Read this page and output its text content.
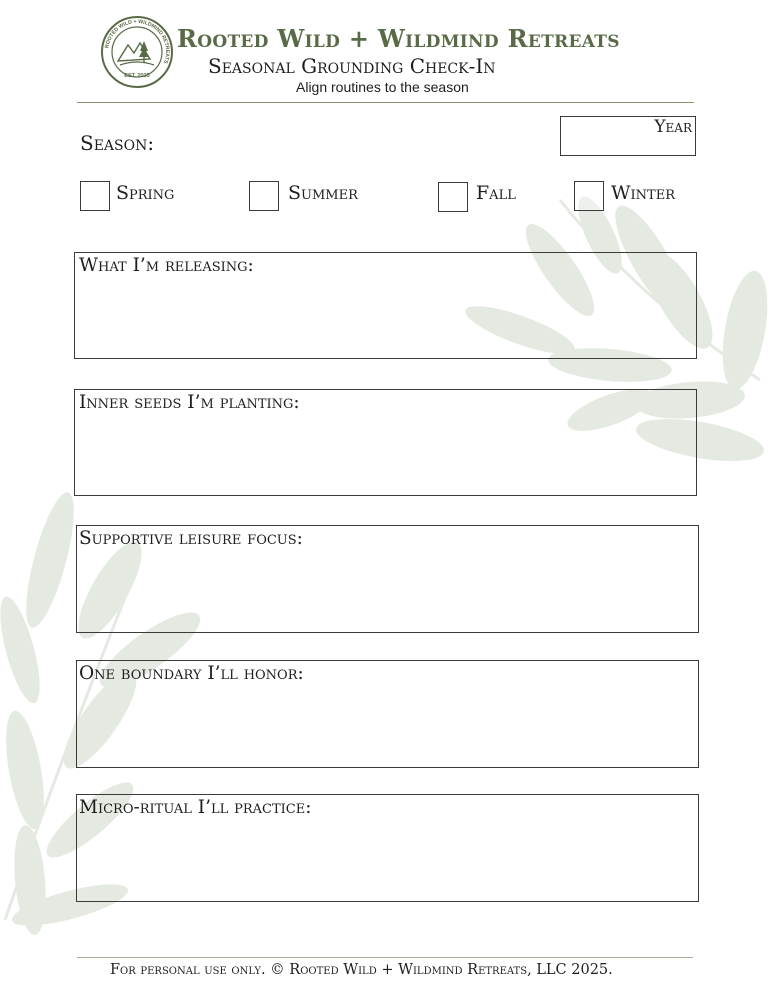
ROOTED WILD + WILDMIND RETREATS
EST. 2025
Rooted Wild + Wildmind Retreats
Seasonal Grounding Check-In
Align routines to the season
Season:
Year
Spring	Summer	Fall	Winter
What I’m releasing:
Inner seeds I’m planting:
Supportive leisure focus:
One boundary I’ll honor:
Micro-ritual I’ll practice:
For personal use only. © Rooted Wild + Wildmind Retreats, LLC 2025.
